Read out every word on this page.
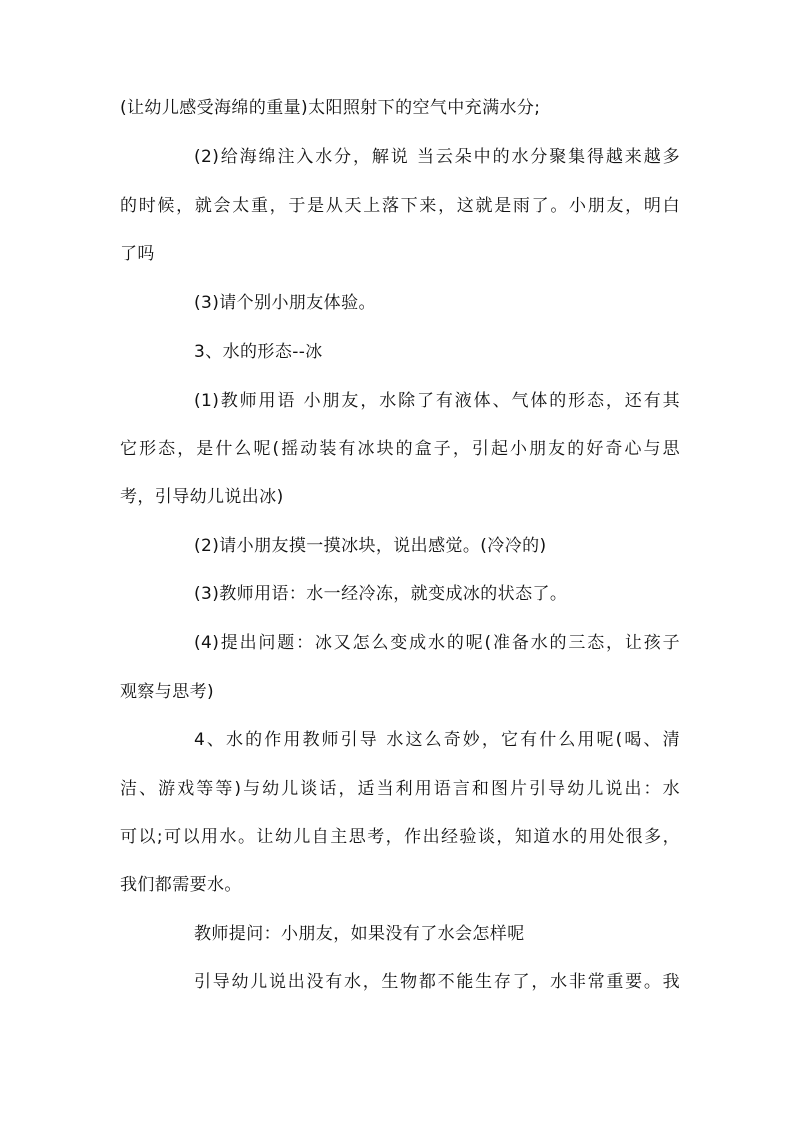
(让幼儿感受海绵的重量)太阳照射下的空气中充满水分;
(2)给海绵注入水分，解说 当云朵中的水分聚集得越来越多
的时候，就会太重，于是从天上落下来，这就是雨了。小朋友，明白
了吗
(3)请个别小朋友体验。
3、水的形态--冰
(1)教师用语 小朋友，水除了有液体、气体的形态，还有其
它形态，是什么呢(摇动装有冰块的盒子，引起小朋友的好奇心与思
考，引导幼儿说出冰)
(2)请小朋友摸一摸冰块，说出感觉。(冷冷的)
(3)教师用语：水一经冷冻，就变成冰的状态了。
(4)提出问题：冰又怎么变成水的呢(准备水的三态，让孩子
观察与思考)
4、水的作用教师引导 水这么奇妙，它有什么用呢(喝、清
洁、游戏等等)与幼儿谈话，适当利用语言和图片引导幼儿说出：水
可以;可以用水。让幼儿自主思考，作出经验谈，知道水的用处很多，
我们都需要水。
教师提问：小朋友，如果没有了水会怎样呢
引导幼儿说出没有水，生物都不能生存了，水非常重要。我
